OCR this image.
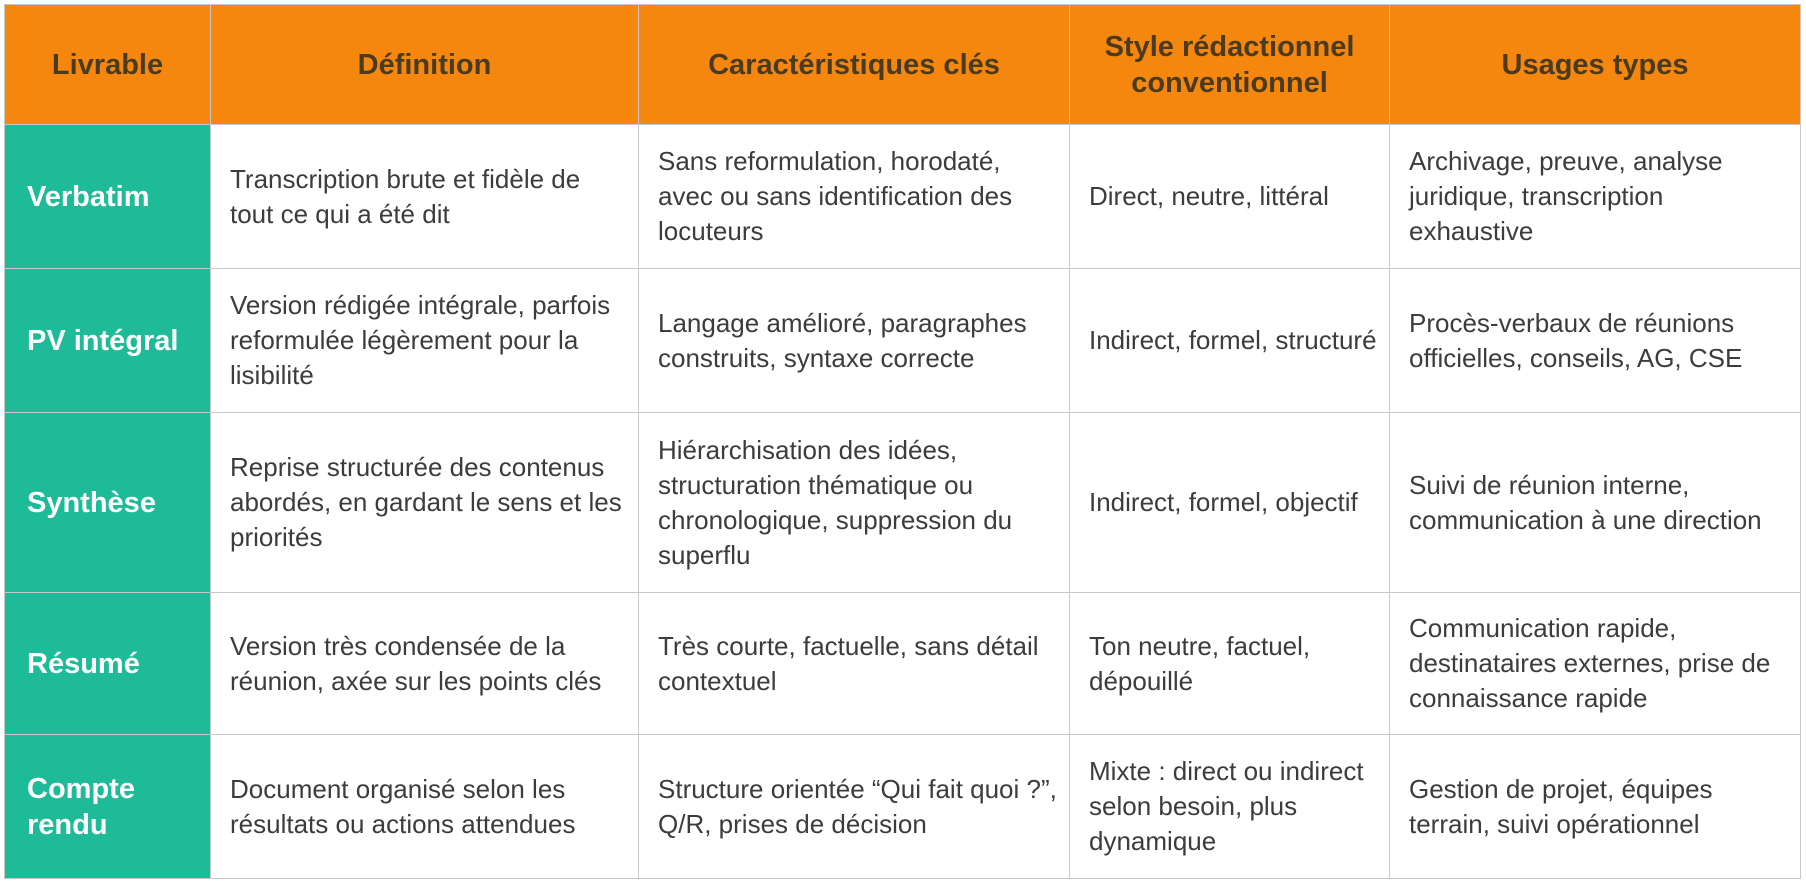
Livrable	Définition	Caractéristiques clés	Style rédactionnel conventionnel	Usages types
Verbatim	Transcription brute et fidèle de tout ce qui a été dit	Sans reformulation, horodaté, avec ou sans identification des locuteurs	Direct, neutre, littéral	Archivage, preuve, analyse juridique, transcription exhaustive
PV intégral	Version rédigée intégrale, parfois reformulée légèrement pour la lisibilité	Langage amélioré, paragraphes construits, syntaxe correcte	Indirect, formel, structuré	Procès-verbaux de réunions officielles, conseils, AG, CSE
Synthèse	Reprise structurée des contenus abordés, en gardant le sens et les priorités	Hiérarchisation des idées, structuration thématique ou chronologique, suppression du superflu	Indirect, formel, objectif	Suivi de réunion interne, communication à une direction
Résumé	Version très condensée de la réunion, axée sur les points clés	Très courte, factuelle, sans détail contextuel	Ton neutre, factuel, dépouillé	Communication rapide, destinataires externes, prise de connaissance rapide
Compte rendu	Document organisé selon les résultats ou actions attendues	Structure orientée “Qui fait quoi ?”, Q/R, prises de décision	Mixte : direct ou indirect selon besoin, plus dynamique	Gestion de projet, équipes terrain, suivi opérationnel
